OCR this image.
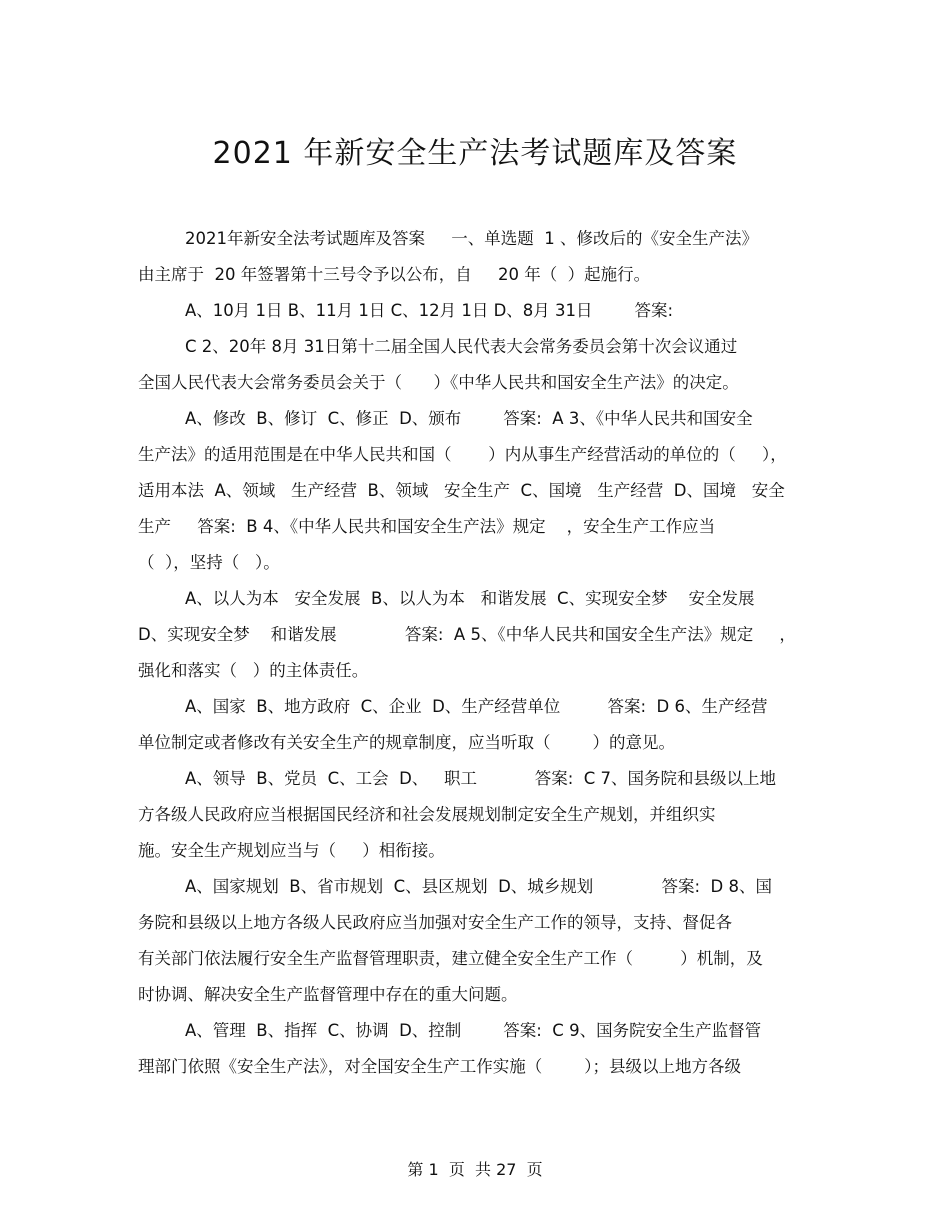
2021 年新安全生产法考试题库及答案
2021年新安全法考试题库及答案     一、单选题  1 、修改后的《安全生产法》
由主席于  20 年签署第十三号令予以公布，自     20 年（  ）起施行。
A、10月 1日 B、11月 1日 C、12月 1日 D、8月 31日        答案:
C 2、20年 8月 31日第十二届全国人民代表大会常务委员会第十次会议通过
全国人民代表大会常务委员会关于（      ）《中华人民共和国安全生产法》的决定。
A、修改  B、修订  C、修正  D、颁布        答案:  A 3、《中华人民共和国安全
生产法》的适用范围是在中华人民共和国（       ）内从事生产经营活动的单位的（     ），
适用本法  A、领域   生产经营  B、领域   安全生产  C、国境   生产经营  D、国境   安全
生产     答案:  B 4、《中华人民共和国安全生产法》规定    ，安全生产工作应当
（  ），坚持（   ）。
A、以人为本   安全发展  B、以人为本   和谐发展  C、实现安全梦    安全发展
D、实现安全梦    和谐发展             答案:  A 5、《中华人民共和国安全生产法》规定     ，
强化和落实（   ）的主体责任。
A、国家  B、地方政府  C、企业  D、生产经营单位         答案:  D 6、生产经营
单位制定或者修改有关安全生产的规章制度，应当听取（        ）的意见。
A、领导  B、党员  C、工会  D、   职工           答案:  C 7、国务院和县级以上地
方各级人民政府应当根据国民经济和社会发展规划制定安全生产规划，并组织实
施。安全生产规划应当与（     ）相衔接。
A、国家规划  B、省市规划  C、县区规划  D、城乡规划             答案:  D 8、国
务院和县级以上地方各级人民政府应当加强对安全生产工作的领导，支持、督促各
有关部门依法履行安全生产监督管理职责，建立健全安全生产工作（         ）机制，及
时协调、解决安全生产监督管理中存在的重大问题。
A、管理  B、指挥  C、协调  D、控制        答案:  C 9、国务院安全生产监督管
理部门依照《安全生产法》，对全国安全生产工作实施（        ）；县级以上地方各级
第 1  页  共 27  页
